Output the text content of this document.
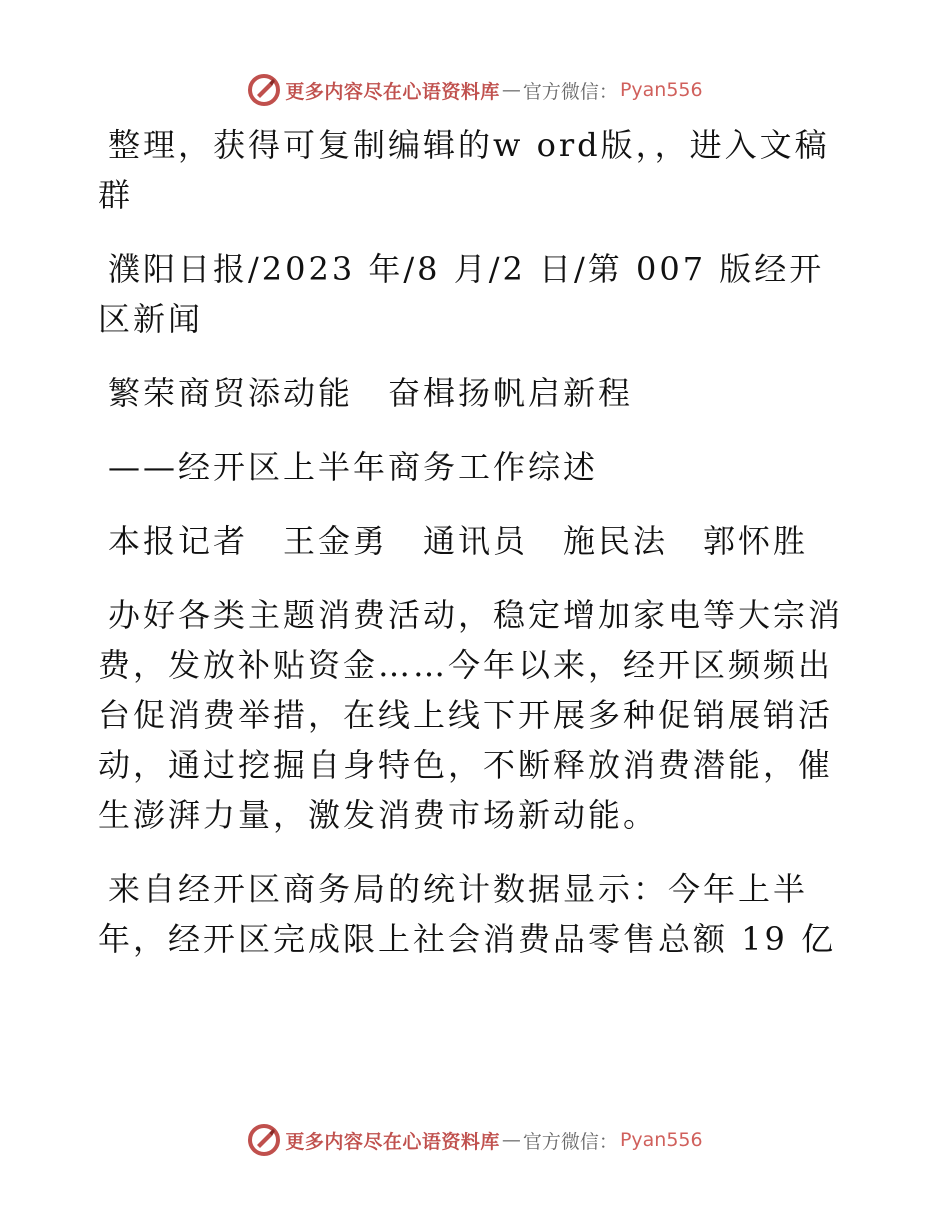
更多内容尽在心语资料库 — 官方微信： Pyan556

整理，获得可复制编辑的w ord版，，进入文稿群

濮阳日报/2023 年/8 月/2 日/第 007 版经开区新闻

繁荣商贸添动能　奋楫扬帆启新程

——经开区上半年商务工作综述

本报记者　王金勇　通讯员　施民法　郭怀胜

办好各类主题消费活动，稳定增加家电等大宗消费，发放补贴资金……今年以来，经开区频频出台促消费举措，在线上线下开展多种促销展销活动，通过挖掘自身特色，不断释放消费潜能，催生澎湃力量，激发消费市场新动能。

来自经开区商务局的统计数据显示：今年上半年，经开区完成限上社会消费品零售总额 19 亿

更多内容尽在心语资料库 — 官方微信： Pyan556
